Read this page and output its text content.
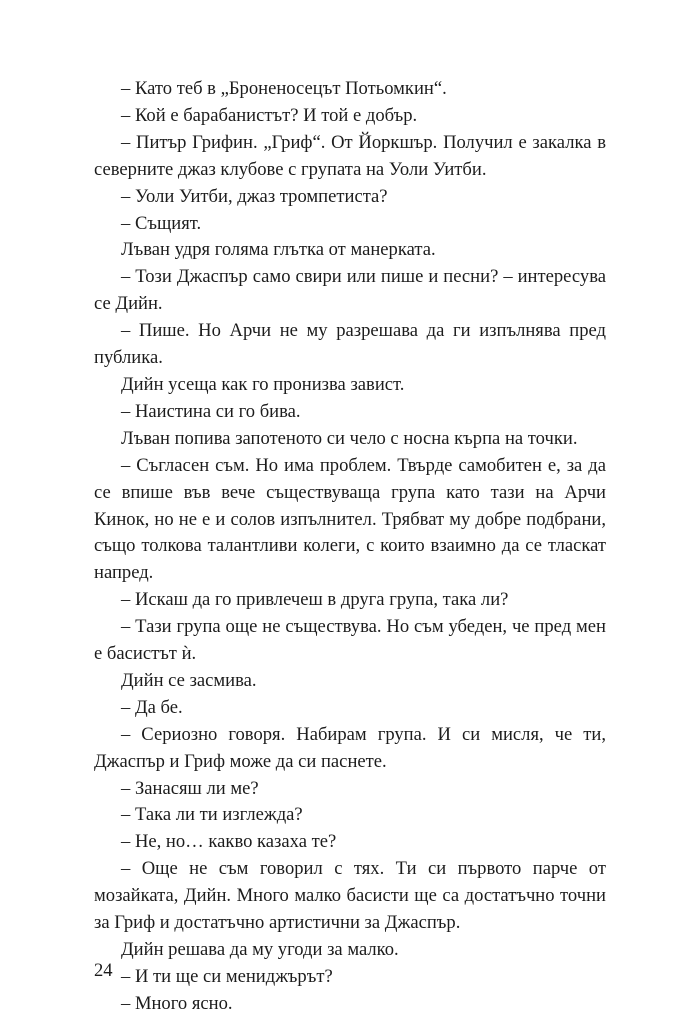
– Като теб в „Броненосецът Потьомкин“.

– Кой е барабанистът? И той е добър.

– Питър Грифин. „Гриф“. От Йоркшър. Получил е закалка в северните джаз клубове с групата на Уоли Уитби.

– Уоли Уитби, джаз тромпетиста?

– Същият.

Лъван удря голяма глътка от манерката.

– Този Джаспър само свири или пише и песни? – интересува се Дийн.

– Пише. Но Арчи не му разрешава да ги изпълнява пред публика.

Дийн усеща как го пронизва завист.

– Наистина си го бива.

Лъван попива запотеното си чело с носна кърпа на точки.

– Съгласен съм. Но има проблем. Твърде самобитен е, за да се впише във вече съществуваща група като тази на Арчи Кинок, но не е и солов изпълнител. Трябват му добре подбрани, също толкова талантливи колеги, с които взаимно да се тласкат напред.

– Искаш да го привлечеш в друга група, така ли?

– Тази група още не съществува. Но съм убеден, че пред мен е басистът ѝ.

Дийн се засмива.

– Да бе.

– Сериозно говоря. Набирам група. И си мисля, че ти, Джаспър и Гриф може да си паснете.

– Занасяш ли ме?

– Така ли ти изглежда?

– Не, но… какво казаха те?

– Още не съм говорил с тях. Ти си първото парче от мозайката, Дийн. Много малко басисти ще са достатъчно точни за Гриф и достатъчно артистични за Джаспър.

Дийн решава да му угоди за малко.

– И ти ще си мениджърът?

– Много ясно.

24
